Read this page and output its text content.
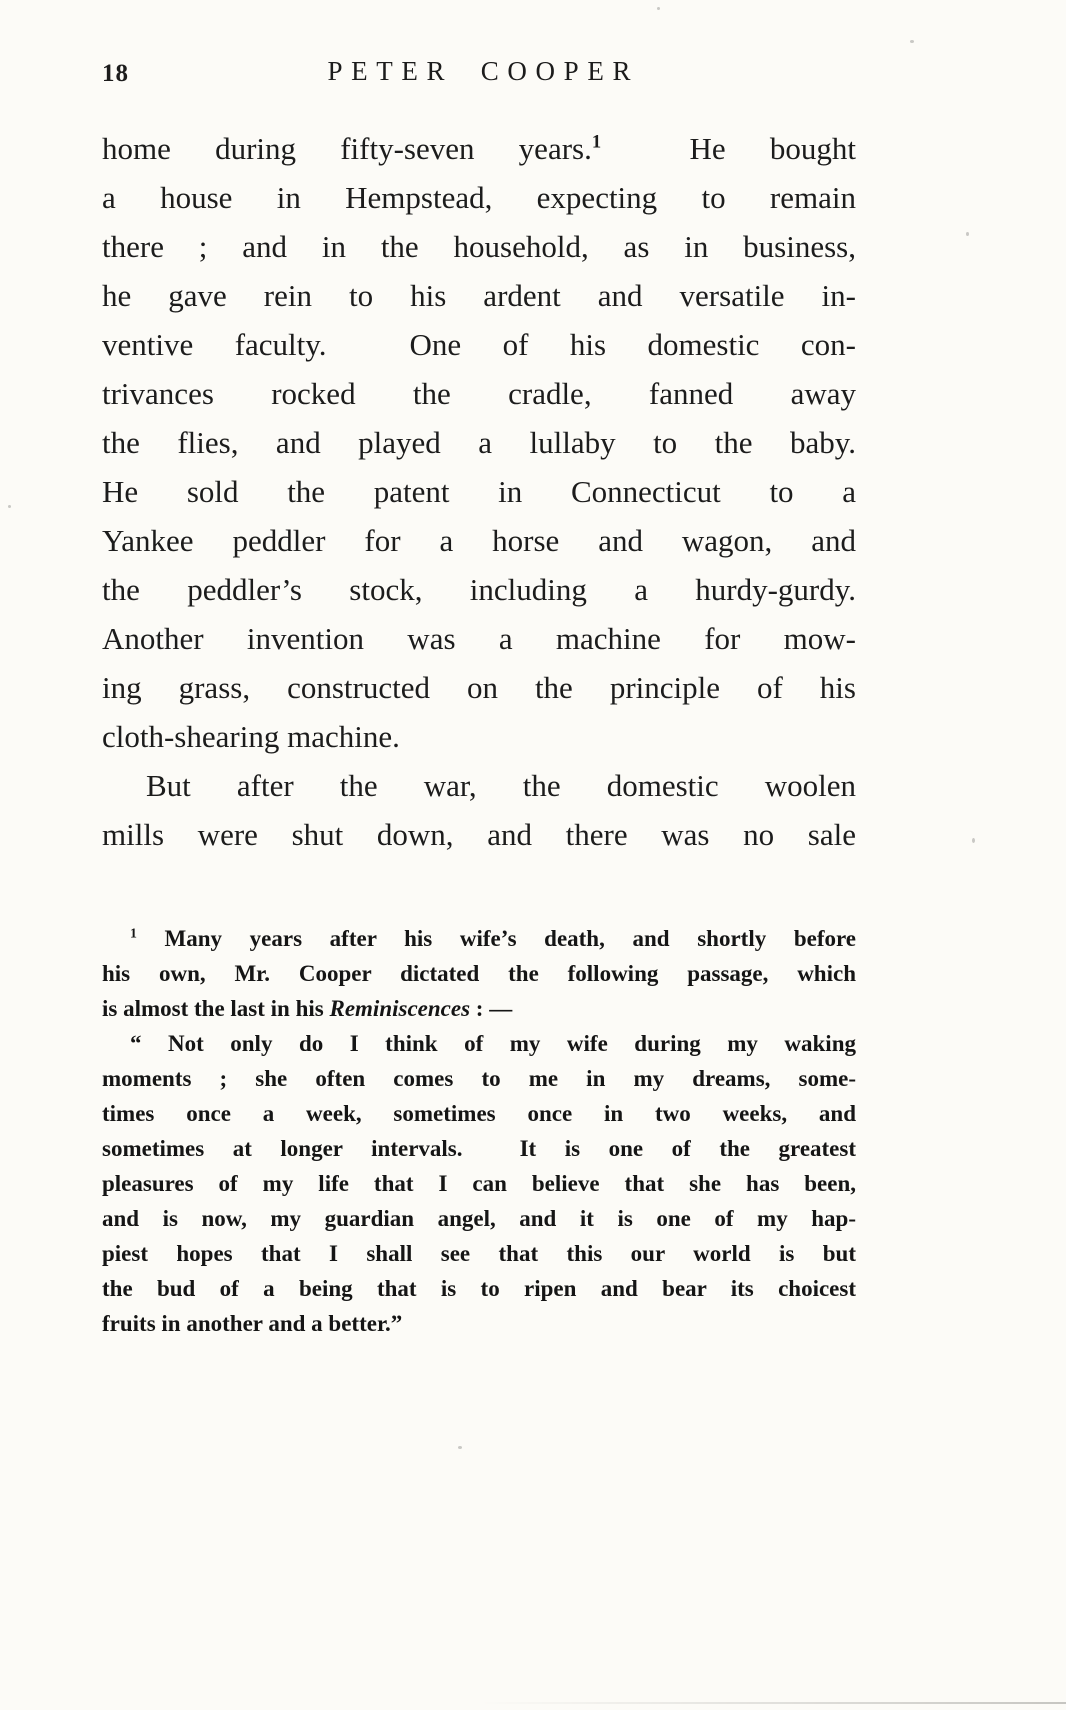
18	PETER COOPER
home during fifty-seven years.$^1$  He bought
a house in Hempstead, expecting to remain
there ; and in the household, as in business,
he gave rein to his ardent and versatile in-
ventive faculty.  One of his domestic con-
trivances rocked the cradle, fanned away
the flies, and played a lullaby to the baby.
He sold the patent in Connecticut to a
Yankee peddler for a horse and wagon, and
the peddler’s stock, including a hurdy-gurdy.
Another invention was a machine for mow-
ing grass, constructed on the principle of his
cloth-shearing machine.
But after the war, the domestic woolen
mills were shut down, and there was no sale
$^1$ Many years after his wife’s death, and shortly before
his own, Mr. Cooper dictated the following passage, which
is almost the last in his Reminiscences : —
“ Not only do I think of my wife during my waking
moments ; she often comes to me in my dreams, some-
times once a week, sometimes once in two weeks, and
sometimes at longer intervals.  It is one of the greatest
pleasures of my life that I can believe that she has been,
and is now, my guardian angel, and it is one of my hap-
piest hopes that I shall see that this our world is but
the bud of a being that is to ripen and bear its choicest
fruits in another and a better.”
